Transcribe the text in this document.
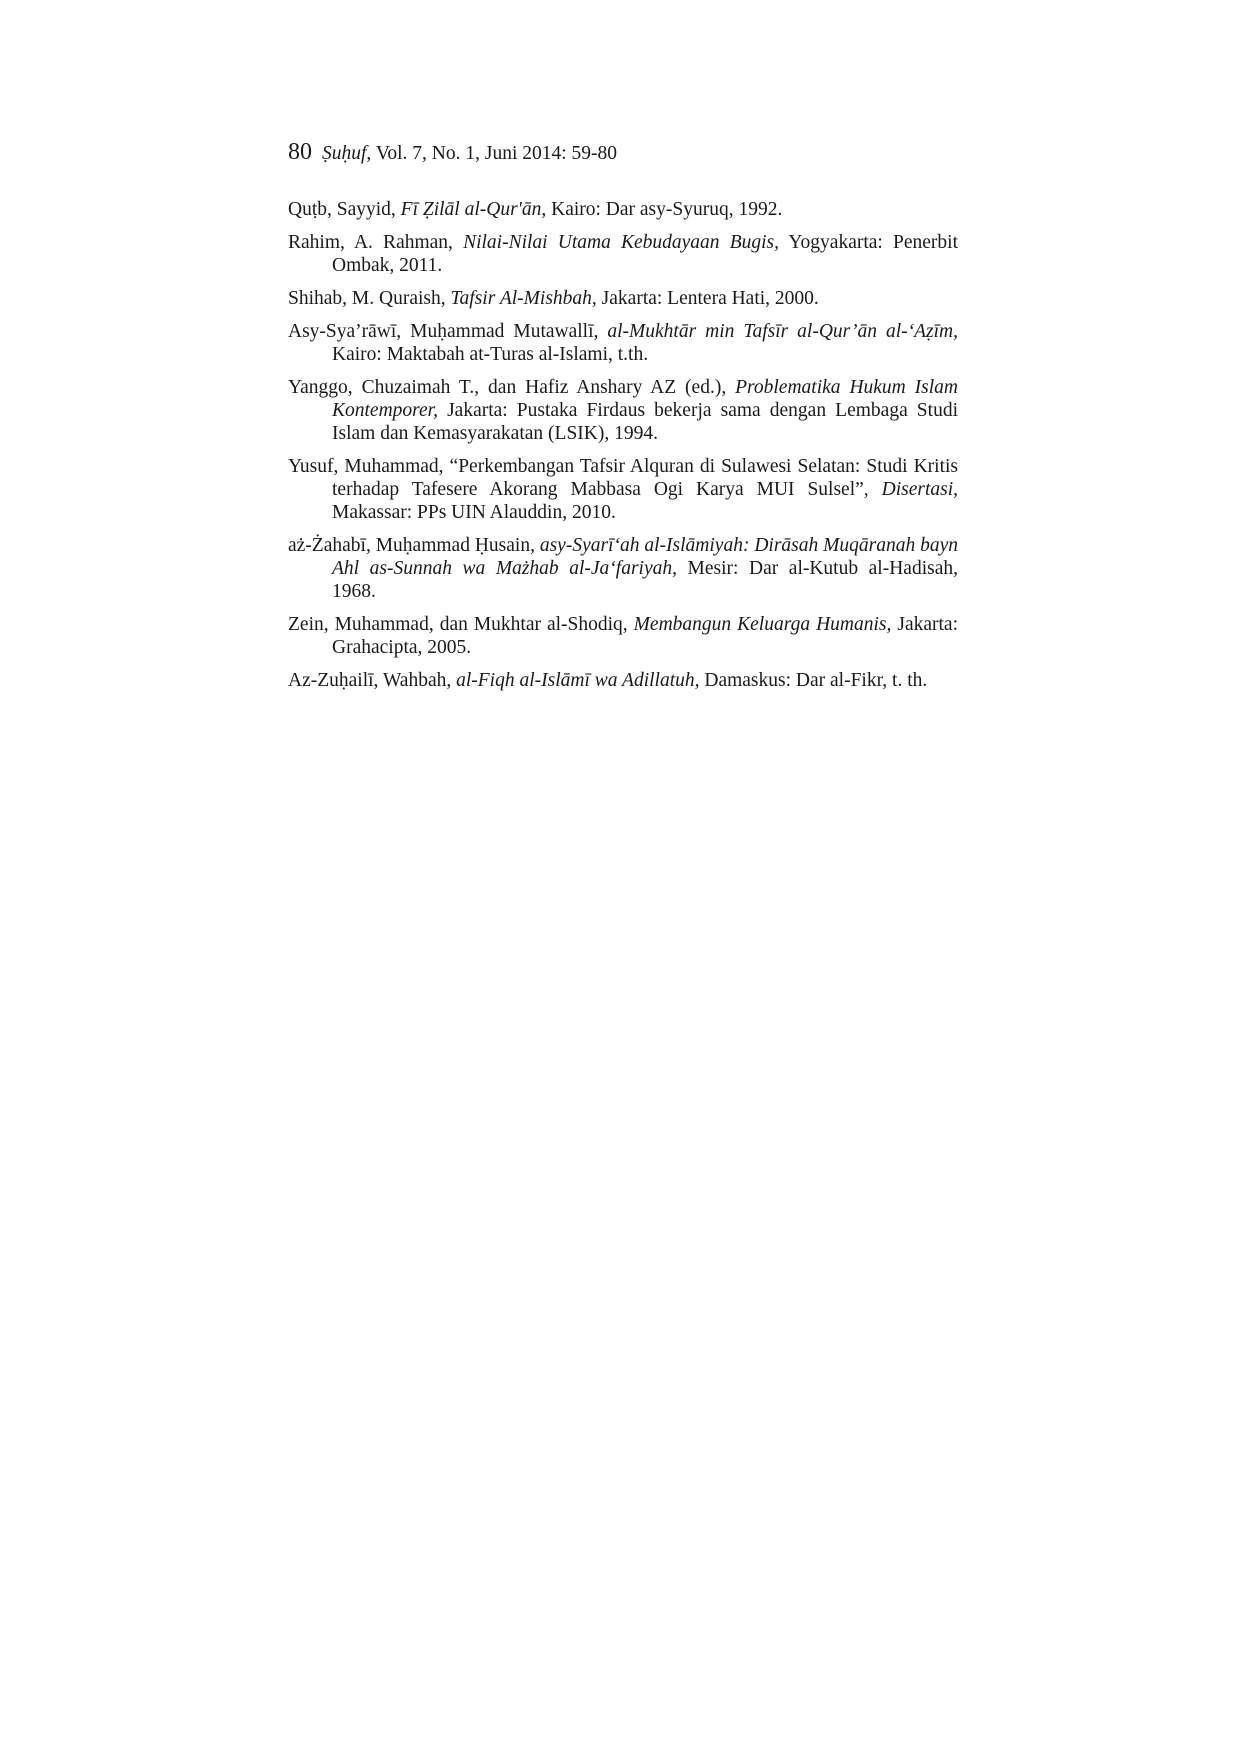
80 Ṣuḥuf, Vol. 7, No. 1, Juni 2014: 59-80
Quṭb, Sayyid, Fī Ẓilāl al-Qur'ān, Kairo: Dar asy-Syuruq, 1992.
Rahim, A. Rahman, Nilai-Nilai Utama Kebudayaan Bugis, Yogyakarta: Penerbit Ombak, 2011.
Shihab, M. Quraish, Tafsir Al-Mishbah, Jakarta: Lentera Hati, 2000.
Asy-Sya’rāwī, Muḥammad Mutawallī, al-Mukhtār min Tafsīr al-Qur’ān al-‘Aẓīm, Kairo: Maktabah at-Turas al-Islami, t.th.
Yanggo, Chuzaimah T., dan Hafiz Anshary AZ (ed.), Problematika Hukum Islam Kontemporer, Jakarta: Pustaka Firdaus bekerja sama dengan Lembaga Studi Islam dan Kemasyarakatan (LSIK), 1994.
Yusuf, Muhammad, “Perkembangan Tafsir Alquran di Sulawesi Selatan: Studi Kritis terhadap Tafesere Akorang Mabbasa Ogi Karya MUI Sulsel”, Disertasi, Makassar: PPs UIN Alauddin, 2010.
aż-Żahabī, Muḥammad Ḥusain, asy-Syarī‘ah al-Islāmiyah: Dirāsah Muqāranah bayn Ahl as-Sunnah wa Mażhab al-Ja‘fariyah, Mesir: Dar al-Kutub al-Hadisah, 1968.
Zein, Muhammad, dan Mukhtar al-Shodiq, Membangun Keluarga Humanis, Jakarta: Grahacipta, 2005.
Az-Zuḥailī, Wahbah, al-Fiqh al-Islāmī wa Adillatuh, Damaskus: Dar al-Fikr, t. th.
